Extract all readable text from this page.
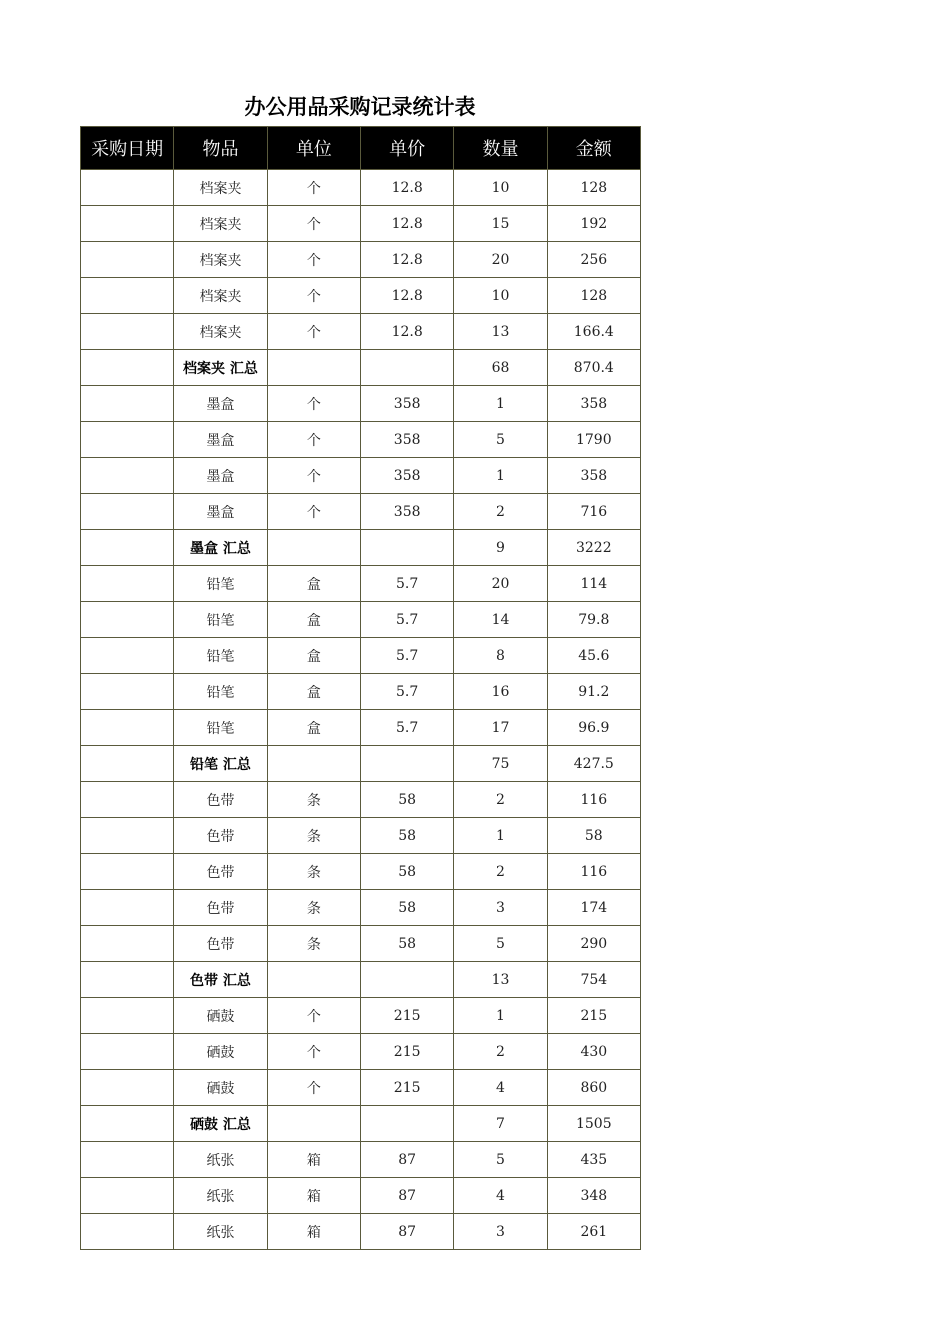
办公用品采购记录统计表
采购日期	物品	单位	单价	数量	金额
	档案夹	个	12.8	10	128
	档案夹	个	12.8	15	192
	档案夹	个	12.8	20	256
	档案夹	个	12.8	10	128
	档案夹	个	12.8	13	166.4
	档案夹 汇总			68	870.4
	墨盒	个	358	1	358
	墨盒	个	358	5	1790
	墨盒	个	358	1	358
	墨盒	个	358	2	716
	墨盒 汇总			9	3222
	铅笔	盒	5.7	20	114
	铅笔	盒	5.7	14	79.8
	铅笔	盒	5.7	8	45.6
	铅笔	盒	5.7	16	91.2
	铅笔	盒	5.7	17	96.9
	铅笔 汇总			75	427.5
	色带	条	58	2	116
	色带	条	58	1	58
	色带	条	58	2	116
	色带	条	58	3	174
	色带	条	58	5	290
	色带 汇总			13	754
	硒鼓	个	215	1	215
	硒鼓	个	215	2	430
	硒鼓	个	215	4	860
	硒鼓 汇总			7	1505
	纸张	箱	87	5	435
	纸张	箱	87	4	348
	纸张	箱	87	3	261
